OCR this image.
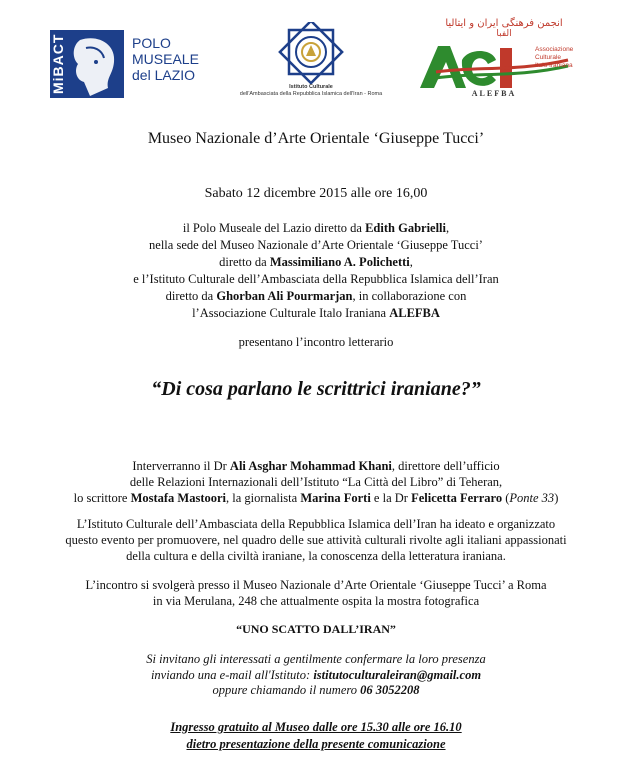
MiBACT	POLO
MUSEALE
del LAZIO
Istituto Culturale
dell'Ambasciata della Repubblica Islamica dell'Iran - Roma
انجمن فرهنگی ایران و ایتالیا
الفبا
Associazione
Culturale
Italo Iraniana
ALEFBA
Museo Nazionale d’Arte Orientale ‘Giuseppe Tucci’
Sabato 12 dicembre 2015 alle ore 16,00
il Polo Museale del Lazio diretto da Edith Gabrielli,
nella sede del Museo Nazionale d’Arte Orientale ‘Giuseppe Tucci’
diretto da Massimiliano A. Polichetti,
e l’Istituto Culturale dell’Ambasciata della Repubblica Islamica dell’Iran
diretto da Ghorban Ali Pourmarjan, in collaborazione con
l’Associazione Culturale Italo Iraniana ALEFBA
presentano l’incontro letterario
“Di cosa parlano le scrittrici iraniane?”
Interverranno il Dr Ali Asghar Mohammad Khani, direttore dell’ufficio
delle Relazioni Internazionali dell’Istituto “La Città del Libro” di Teheran,
lo scrittore Mostafa Mastoori, la giornalista Marina Forti e la Dr Felicetta Ferraro (Ponte 33)
L’Istituto Culturale dell’Ambasciata della Repubblica Islamica dell’Iran ha ideato e organizzato
questo evento per promuovere, nel quadro delle sue attività culturali rivolte agli italiani appassionati
della cultura e della civiltà iraniane, la conoscenza della letteratura iraniana.
L’incontro si svolgerà presso il Museo Nazionale d’Arte Orientale ‘Giuseppe Tucci’ a Roma
in via Merulana, 248 che attualmente ospita la mostra fotografica
“UNO SCATTO DALL’IRAN”
Si invitano gli interessati a gentilmente confermare la loro presenza
inviando una e-mail all'Istituto: istitutoculturaleiran@gmail.com
oppure chiamando il numero 06 3052208
Ingresso gratuito al Museo dalle ore 15.30 alle ore 16.10
dietro presentazione della presente comunicazione
